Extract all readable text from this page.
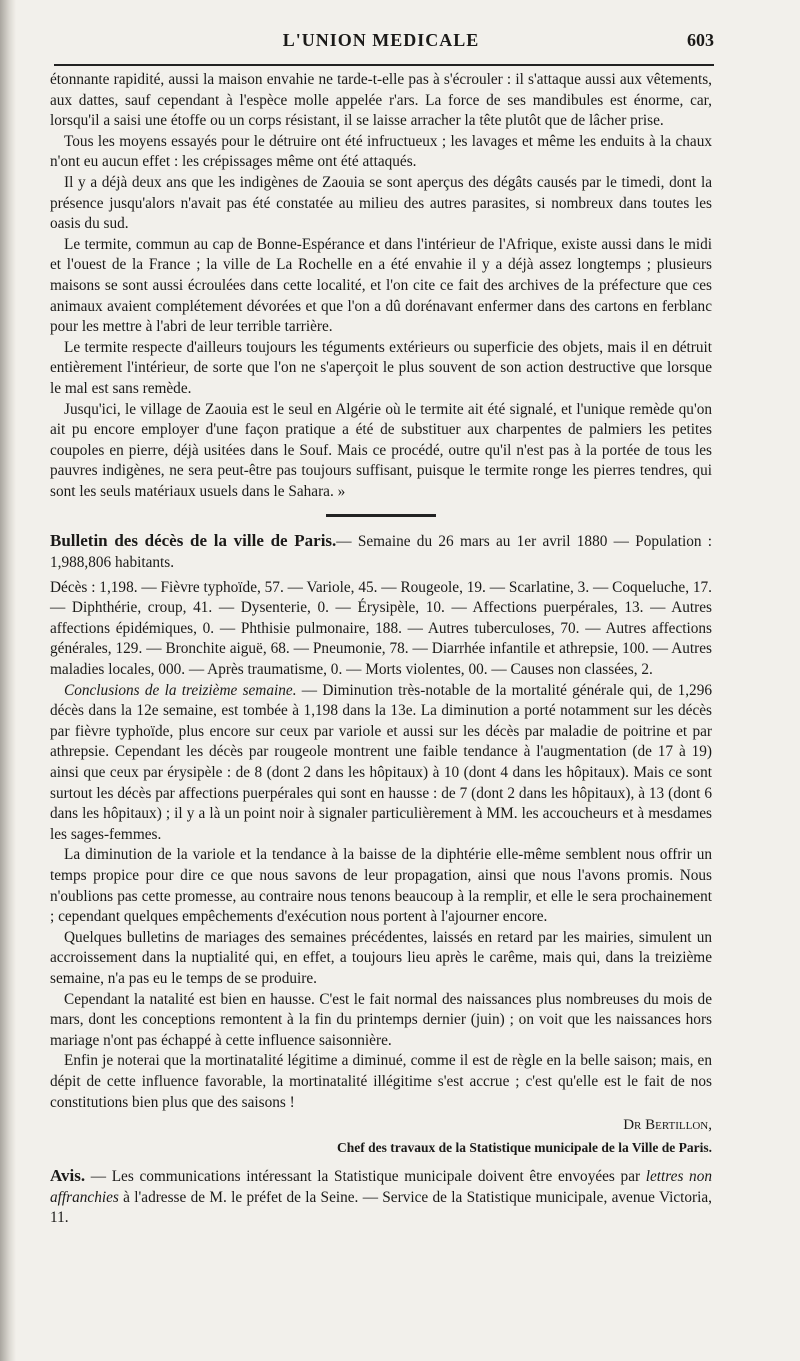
L'UNION MEDICALE	603

étonnante rapidité, aussi la maison envahie ne tarde-t-elle pas à s'écrouler : il s'attaque aussi aux vêtements, aux dattes, sauf cependant à l'espèce molle appelée r'ars. La force de ses mandibules est énorme, car, lorsqu'il a saisi une étoffe ou un corps résistant, il se laisse arracher la tête plutôt que de lâcher prise.

Tous les moyens essayés pour le détruire ont été infructueux ; les lavages et même les enduits à la chaux n'ont eu aucun effet : les crépissages même ont été attaqués.

Il y a déjà deux ans que les indigènes de Zaouia se sont aperçus des dégâts causés par le timedi, dont la présence jusqu'alors n'avait pas été constatée au milieu des autres parasites, si nombreux dans toutes les oasis du sud.

Le termite, commun au cap de Bonne-Espérance et dans l'intérieur de l'Afrique, existe aussi dans le midi et l'ouest de la France ; la ville de La Rochelle en a été envahie il y a déjà assez longtemps ; plusieurs maisons se sont aussi écroulées dans cette localité, et l'on cite ce fait des archives de la préfecture que ces animaux avaient complétement dévorées et que l'on a dû dorénavant enfermer dans des cartons en ferblanc pour les mettre à l'abri de leur terrible tarrière.

Le termite respecte d'ailleurs toujours les téguments extérieurs ou superficie des objets, mais il en détruit entièrement l'intérieur, de sorte que l'on ne s'aperçoit le plus souvent de son action destructive que lorsque le mal est sans remède.

Jusqu'ici, le village de Zaouia est le seul en Algérie où le termite ait été signalé, et l'unique remède qu'on ait pu encore employer d'une façon pratique a été de substituer aux charpentes de palmiers les petites coupoles en pierre, déjà usitées dans le Souf. Mais ce procédé, outre qu'il n'est pas à la portée de tous les pauvres indigènes, ne sera peut-être pas toujours suffisant, puisque le termite ronge les pierres tendres, qui sont les seuls matériaux usuels dans le Sahara. »

Bulletin des décès de la ville de Paris.— Semaine du 26 mars au 1er avril 1880 — Population : 1,988,806 habitants.

Décès : 1,198. — Fièvre typhoïde, 57. — Variole, 45. — Rougeole, 19. — Scarlatine, 3. — Coqueluche, 17. — Diphthérie, croup, 41. — Dysenterie, 0. — Érysipèle, 10. — Affections puerpérales, 13. — Autres affections épidémiques, 0. — Phthisie pulmonaire, 188. — Autres tuberculoses, 70. — Autres affections générales, 129. — Bronchite aiguë, 68. — Pneumonie, 78. — Diarrhée infantile et athrepsie, 100. — Autres maladies locales, 000. — Après traumatisme, 0. — Morts violentes, 00. — Causes non classées, 2.

Conclusions de la treizième semaine. — Diminution très-notable de la mortalité générale qui, de 1,296 décès dans la 12e semaine, est tombée à 1,198 dans la 13e. La diminution a porté notamment sur les décès par fièvre typhoïde, plus encore sur ceux par variole et aussi sur les décès par maladie de poitrine et par athrepsie. Cependant les décès par rougeole montrent une faible tendance à l'augmentation (de 17 à 19) ainsi que ceux par érysipèle : de 8 (dont 2 dans les hôpitaux) à 10 (dont 4 dans les hôpitaux). Mais ce sont surtout les décès par affections puerpérales qui sont en hausse : de 7 (dont 2 dans les hôpitaux), à 13 (dont 6 dans les hôpitaux) ; il y a là un point noir à signaler particulièrement à MM. les accoucheurs et à mesdames les sages-femmes.

La diminution de la variole et la tendance à la baisse de la diphtérie elle-même semblent nous offrir un temps propice pour dire ce que nous savons de leur propagation, ainsi que nous l'avons promis. Nous n'oublions pas cette promesse, au contraire nous tenons beaucoup à la remplir, et elle le sera prochainement ; cependant quelques empêchements d'exécution nous portent à l'ajourner encore.

Quelques bulletins de mariages des semaines précédentes, laissés en retard par les mairies, simulent un accroissement dans la nuptialité qui, en effet, a toujours lieu après le carême, mais qui, dans la treizième semaine, n'a pas eu le temps de se produire.

Cependant la natalité est bien en hausse. C'est le fait normal des naissances plus nombreuses du mois de mars, dont les conceptions remontent à la fin du printemps dernier (juin) ; on voit que les naissances hors mariage n'ont pas échappé à cette influence saisonnière.

Enfin je noterai que la mortinatalité légitime a diminué, comme il est de règle en la belle saison; mais, en dépit de cette influence favorable, la mortinatalité illégitime s'est accrue ; c'est qu'elle est le fait de nos constitutions bien plus que des saisons !

Dr Bertillon,
Chef des travaux de la Statistique municipale de la Ville de Paris.

Avis. — Les communications intéressant la Statistique municipale doivent être envoyées par lettres non affranchies à l'adresse de M. le préfet de la Seine. — Service de la Statistique municipale, avenue Victoria, 11.
